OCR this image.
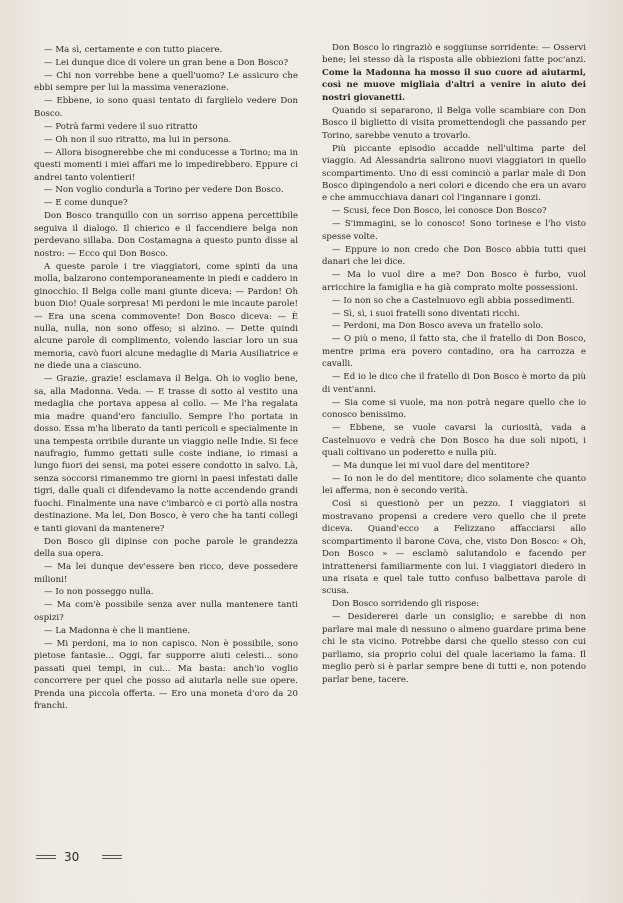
— Ma sì, certamente e con tutto piacere.

— Lei dunque dice di volere un gran bene a Don Bosco?

— Chi non vorrebbe bene a quell'uomo? Le assicuro che ebbi sempre per lui la massima venerazione.

— Ebbene, io sono quasi tentato di farglielo vedere Don Bosco.

— Potrà farmi vedere il suo ritratto

— Oh non il suo ritratto, ma lui in persona.

— Allora bisognerebbe che mi conducesse a Torino; ma in questi momenti i miei affari me lo impedirebbero. Eppure ci andrei tanto volentieri!

— Non voglio condurla a Torino per vedere Don Bosco.

— E come dunque?

Don Bosco tranquillo con un sorriso appena percettibile seguiva il dialogo. Il chierico e il faccendiere belga non perdevano sillaba. Don Costamagna a questo punto disse al nostro: — Ecco qui Don Bosco.

A queste parole i tre viaggiatori, come spinti da una molla, balzarono contemporaneamente in piedi e caddero in ginocchio. Il Belga colle mani giunte diceva: — Pardon! Oh buon Dio! Quale sorpresa! Mi perdoni le mie incaute parole! — Era una scena commovente! Don Bosco diceva: — È nulla, nulla, non sono offeso; si alzino. — Dette quindi alcune parole di complimento, volendo lasciar loro un sua memoria, cavò fuori alcune medaglie di Maria Ausiliatrice e ne diede una a ciascuno.

— Grazie, grazie! esclamava il Belga. Oh io voglio bene, sa, alla Madonna. Veda. — E trasse di sotto al vestito una medaglia che portava appesa al collo. — Me l'ha regalata mia madre quand'ero fanciullo. Sempre l'ho portata in dosso. Essa m'ha liberato da tanti pericoli e specialmente in una tempesta orribile durante un viaggio nelle Indie. Si fece naufragio, fummo gettati sulle coste indiane, io rimasi a lungo fuori dei sensi, ma potei essere condotto in salvo. Là, senza soccorsi rimanemmo tre giorni in paesi infestati dalle tigri, dalle quali ci difendevamo la notte accendendo grandi fuochi. Finalmente una nave c'imbarcò e ci portò alla nostra destinazione. Ma lei, Don Bosco, è vero che ha tanti collegi e tanti giovani da mantenere?

Don Bosco gli dipinse con poche parole le grandezza della sua opera.

— Ma lei dunque dev'essere ben ricco, deve possedere milioni!

— Io non posseggo nulla.

— Ma com'è possibile senza aver nulla mantenere tanti ospizi?

— La Madonna è che li mantiene.

— Mi perdoni, ma io non capisco. Non è possibile, sono pietose fantasie... Oggi, far supporre aiuti celesti... sono passati quei tempi, in cui... Ma basta: anch'io voglio concorrere per quel che posso ad aiutarla nelle sue opere. Prenda una piccola offerta. — Ero una moneta d'oro da 20 franchi.

Don Bosco lo ringraziò e soggiunse sorridente: — Osservi bene; lei stesso dà la risposta alle obbiezioni fatte poc'anzi. Come la Madonna ha mosso il suo cuore ad aiutarmi, così ne muove migliaia d'altri a venire in aiuto dei nostri giovanetti.

Quando si separarono, il Belga volle scambiare con Don Bosco il biglietto di visita promettendogli che passando per Torino, sarebbe venuto a trovarlo.

Più piccante episodio accadde nell'ultima parte del viaggio. Ad Alessandria salirono nuovi viaggiatori in quello scompartimento. Uno di essi cominciò a parlar male di Don Bosco dipingendolo a neri colori e dicendo che era un avaro e che ammucchiava danari col l'ingannare i gonzi.

— Scusi, fece Don Bosco, lei conosce Don Bosco?

— S'immagini, se lo conosco! Sono torinese e l'ho visto spesse volte.

— Eppure io non credo che Don Bosco abbia tutti quei danari che lei dice.

— Ma lo vuol dire a me? Don Bosco è furbo, vuol arricchire la famiglia e ha già comprato molte possessioni.

— Io non so che a Castelnuovo egli abbia possedimenti.

— Sì, sì, i suoi fratelli sono diventati ricchi.

— Perdoni, ma Don Bosco aveva un fratello solo.

— O più o meno, il fatto sta, che il fratello di Don Bosco, mentre prima era povero contadino, ora ha carrozza e cavalli.

— Ed io le dico che il fratello di Don Bosco è morto da più di vent'anni.

— Sia come si vuole, ma non potrà negare quello che io conosco benissimo.

— Ebbene, se vuole cavarsi la curiosità, vada a Castelnuovo e vedrà che Don Bosco ha due soli nipoti, i quali coltivano un poderetto e nulla più.

— Ma dunque lei mi vuol dare del mentitore?

— Io non le do del mentitore; dico solamente che quanto lei afferma, non è secondo verità.

Così si questionò per un pezzo. I viaggiatori si mostravano propensi a credere vero quello che il prete diceva. Quand'ecco a Felizzano affacciarsi allo scompartimento il barone Cova, che, visto Don Bosco: « Oh, Don Bosco » — esclamò salutandolo e facendo per intrattenersi familiarmente con lui. I viaggiatori diedero in una risata e quel tale tutto confuso balbettava parole di scusa.

Don Bosco sorridendo gli rispose:

— Desidererei darle un consiglio; e sarebbe di non parlare mai male di nessuno o almeno guardare prima bene chi le sta vicino. Potrebbe darsi che quello stesso con cui parliamo, sia proprio colui del quale laceriamo la fama. Il meglio però si è parlar sempre bene di tutti e, non potendo parlar bene, tacere.

30
